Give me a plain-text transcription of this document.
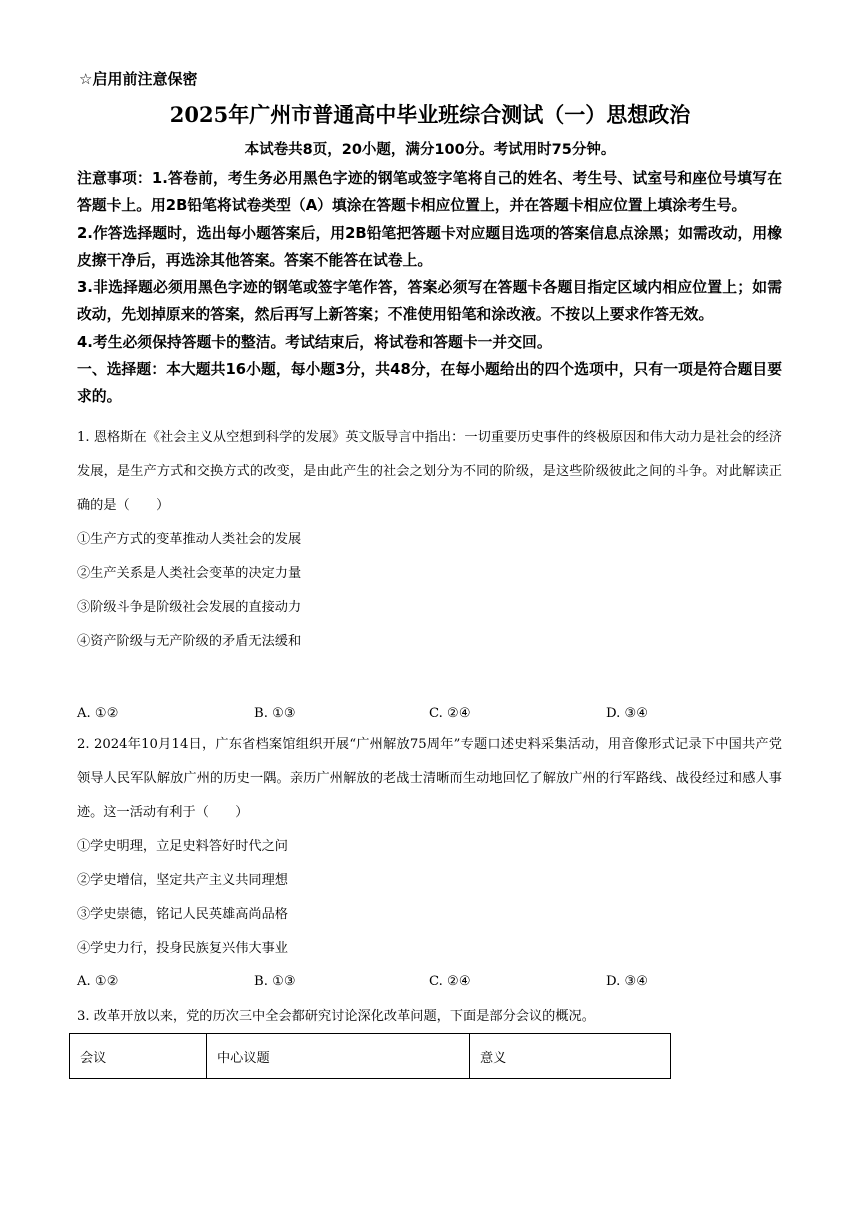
☆启用前注意保密
2025年广州市普通高中毕业班综合测试（一）思想政治
本试卷共8页，20小题，满分100分。考试用时75分钟。

注意事项：1.答卷前，考生务必用黑色字迹的钢笔或签字笔将自己的姓名、考生号、试室号和座位号填写在答题卡上。用2B铅笔将试卷类型（A）填涂在答题卡相应位置上，并在答题卡相应位置上填涂考生号。

2.作答选择题时，选出每小题答案后，用2B铅笔把答题卡对应题目选项的答案信息点涂黑；如需改动，用橡皮擦干净后，再选涂其他答案。答案不能答在试卷上。

3.非选择题必须用黑色字迹的钢笔或签字笔作答，答案必须写在答题卡各题目指定区域内相应位置上；如需改动，先划掉原来的答案，然后再写上新答案；不准使用铅笔和涂改液。不按以上要求作答无效。

4.考生必须保持答题卡的整洁。考试结束后，将试卷和答题卡一并交回。

一、选择题：本大题共16小题，每小题3分，共48分，在每小题给出的四个选项中，只有一项是符合题目要求的。

1. 恩格斯在《社会主义从空想到科学的发展》英文版导言中指出：一切重要历史事件的终极原因和伟大动力是社会的经济发展，是生产方式和交换方式的改变，是由此产生的社会之划分为不同的阶级，是这些阶级彼此之间的斗争。对此解读正确的是（　　）

①生产方式的变革推动人类社会的发展

②生产关系是人类社会变革的决定力量

③阶级斗争是阶级社会发展的直接动力

④资产阶级与无产阶级的矛盾无法缓和

A. ①②	B. ①③	C. ②④	D. ③④

2. 2024年10月14日，广东省档案馆组织开展“广州解放75周年”专题口述史料采集活动，用音像形式记录下中国共产党领导人民军队解放广州的历史一隅。亲历广州解放的老战士清晰而生动地回忆了解放广州的行军路线、战役经过和感人事迹。这一活动有利于（　　）

①学史明理，立足史料答好时代之问

②学史增信，坚定共产主义共同理想

③学史崇德，铭记人民英雄高尚品格

④学史力行，投身民族复兴伟大事业

A. ①②	B. ①③	C. ②④	D. ③④

3. 改革开放以来，党的历次三中全会都研究讨论深化改革问题，下面是部分会议的概况。

会议	中心议题	意义
